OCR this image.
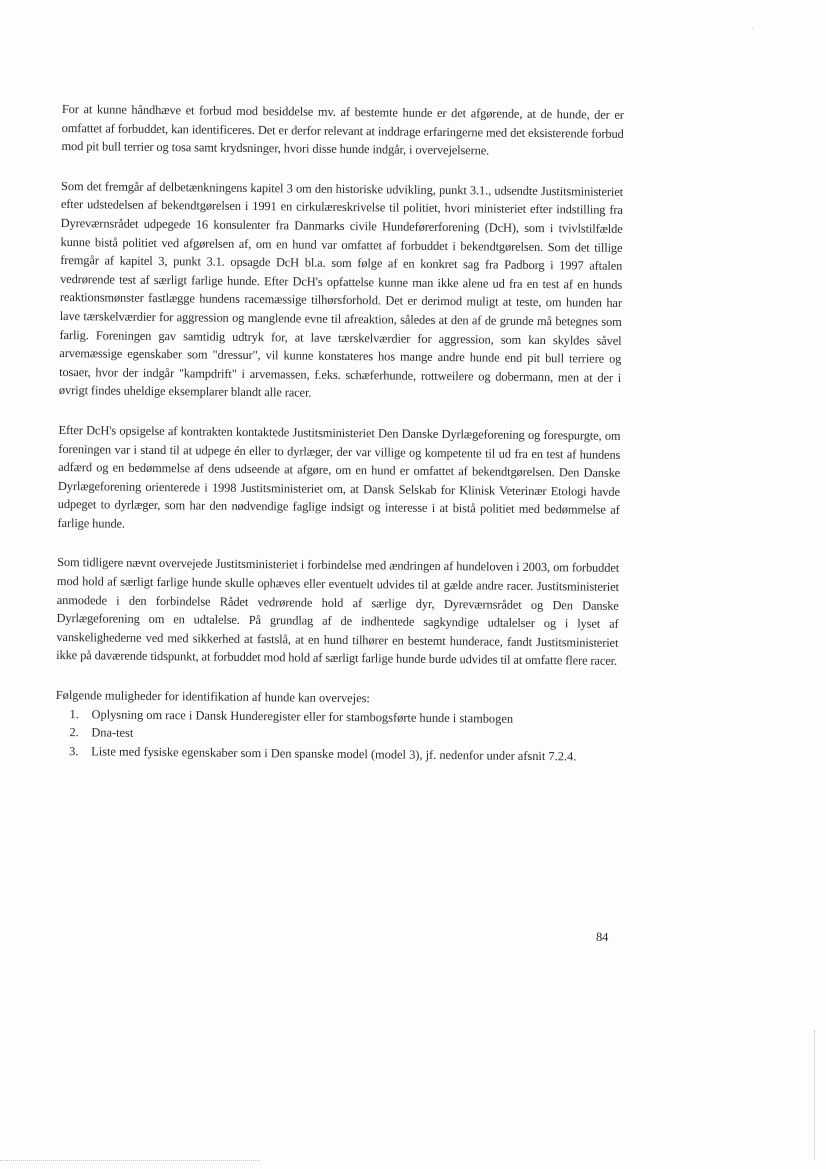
For at kunne håndhæve et forbud mod besiddelse mv. af bestemte hunde er det afgørende, at de hunde, der er omfattet af forbuddet, kan identificeres. Det er derfor relevant at inddrage erfaringerne med det eksisterende forbud mod pit bull terrier og tosa samt krydsninger, hvori disse hunde indgår, i overvejelserne.

Som det fremgår af delbetænkningens kapitel 3 om den historiske udvikling, punkt 3.1., udsendte Justitsministeriet efter udstedelsen af bekendtgørelsen i 1991 en cirkulæreskrivelse til politiet, hvori ministeriet efter indstilling fra Dyreværnsrådet udpegede 16 konsulenter fra Danmarks civile Hundeførerforening (DcH), som i tvivlstilfælde kunne bistå politiet ved afgørelsen af, om en hund var omfattet af forbuddet i bekendtgørelsen. Som det tillige fremgår af kapitel 3, punkt 3.1. opsagde DcH bl.a. som følge af en konkret sag fra Padborg i 1997 aftalen vedrørende test af særligt farlige hunde. Efter DcH's opfattelse kunne man ikke alene ud fra en test af en hunds reaktionsmønster fastlægge hundens racemæssige tilhørsforhold. Det er derimod muligt at teste, om hunden har lave tærskelværdier for aggression og manglende evne til afreaktion, således at den af de grunde må betegnes som farlig. Foreningen gav samtidig udtryk for, at lave tærskelværdier for aggression, som kan skyldes såvel arvemæssige egenskaber som "dressur", vil kunne konstateres hos mange andre hunde end pit bull terriere og tosaer, hvor der indgår "kampdrift" i arvemassen, f.eks. schæferhunde, rottweilere og dobermann, men at der i øvrigt findes uheldige eksemplarer blandt alle racer.

Efter DcH's opsigelse af kontrakten kontaktede Justitsministeriet Den Danske Dyrlægeforening og forespurgte, om foreningen var i stand til at udpege én eller to dyrlæger, der var villige og kompetente til ud fra en test af hundens adfærd og en bedømmelse af dens udseende at afgøre, om en hund er omfattet af bekendtgørelsen. Den Danske Dyrlægeforening orienterede i 1998 Justitsministeriet om, at Dansk Selskab for Klinisk Veterinær Etologi havde udpeget to dyrlæger, som har den nødvendige faglige indsigt og interesse i at bistå politiet med bedømmelse af farlige hunde.

Som tidligere nævnt overvejede Justitsministeriet i forbindelse med ændringen af hundeloven i 2003, om forbuddet mod hold af særligt farlige hunde skulle ophæves eller eventuelt udvides til at gælde andre racer. Justitsministeriet anmodede i den forbindelse Rådet vedrørende hold af særlige dyr, Dyreværnsrådet og Den Danske Dyrlægeforening om en udtalelse. På grundlag af de indhentede sagkyndige udtalelser og i lyset af vanskelighederne ved med sikkerhed at fastslå, at en hund tilhører en bestemt hunderace, fandt Justitsministeriet ikke på daværende tidspunkt, at forbuddet mod hold af særligt farlige hunde burde udvides til at omfatte flere racer.

Følgende muligheder for identifikation af hunde kan overvejes:

1. Oplysning om race i Dansk Hunderegister eller for stambogsførte hunde i stambogen
2. Dna-test
3. Liste med fysiske egenskaber som i Den spanske model (model 3), jf. nedenfor under afsnit 7.2.4.
84
